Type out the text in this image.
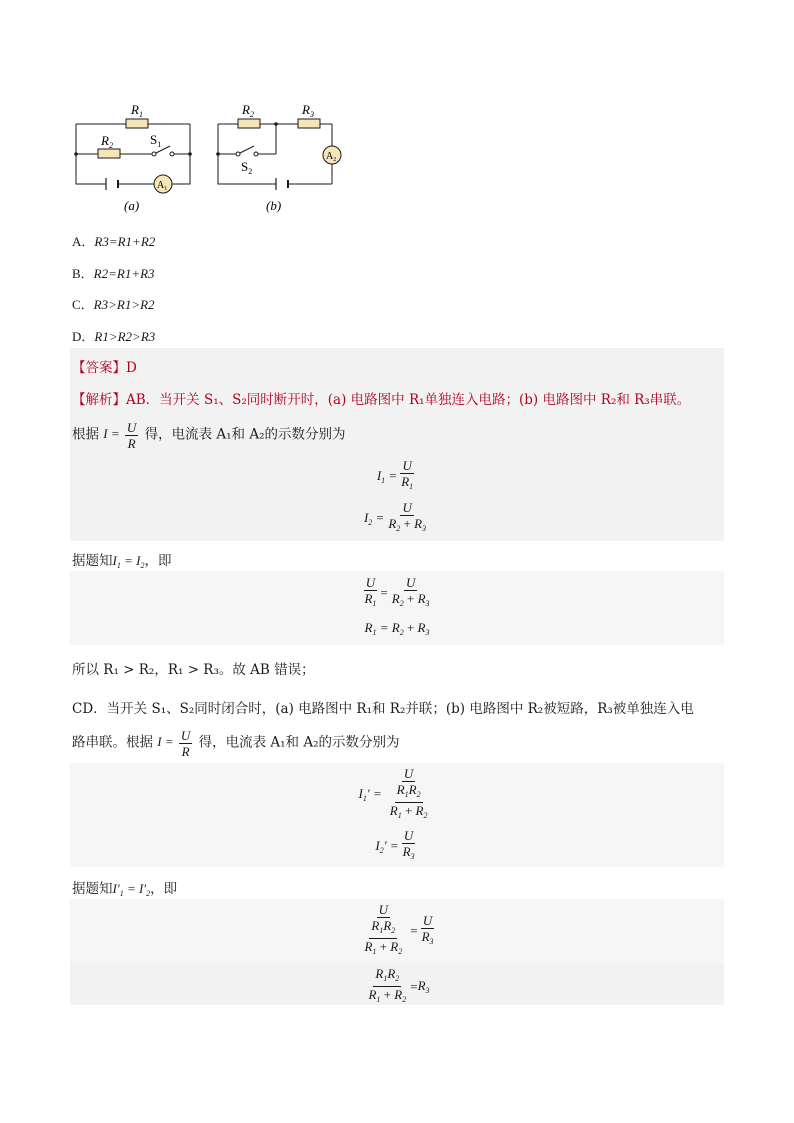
$R_1$
$R_2$	$S_1$
$A_1$
(a)
$R_2$	$R_3$
$S_2$
$A_2$
(b)
A．R3=R1+R2
B．R2=R1+R3
C．R3>R1>R2
D．R1>R2>R3
【答案】D
【解析】AB．当开关 S₁、S₂同时断开时，(a) 电路图中 R₁单独连入电路；(b) 电路图中 R₂和 R₃串联。
根据 $I = \frac{U}{R}$ 得，电流表 A₁和 A₂的示数分别为
$I_1 = \frac{U}{R_1}$
$I_2 = \frac{U}{R_2 + R_3}$
据题知$I_1 = I_2$，即
$\frac{U}{R_1} = \frac{U}{R_2 + R_3}$
$R_1 = R_2 + R_3$
所以 R₁ > R₂，R₁ > R₃。故 AB 错误；
CD．当开关 S₁、S₂同时闭合时，(a) 电路图中 R₁和 R₂并联；(b) 电路图中 R₂被短路，R₃被单独连入电
路串联。根据 $I = \frac{U}{R}$ 得，电流表 A₁和 A₂的示数分别为
$I_1' = \frac{U}{\frac{R_1R_2}{R_1 + R_2}}$
$I_2' = \frac{U}{R_3}$
据题知$I'_1 = I'_2$，即
$\frac{U}{\frac{R_1R_2}{R_1 + R_2}} = \frac{U}{R_3}$
$\frac{R_1R_2}{R_1 + R_2} = R_3$
